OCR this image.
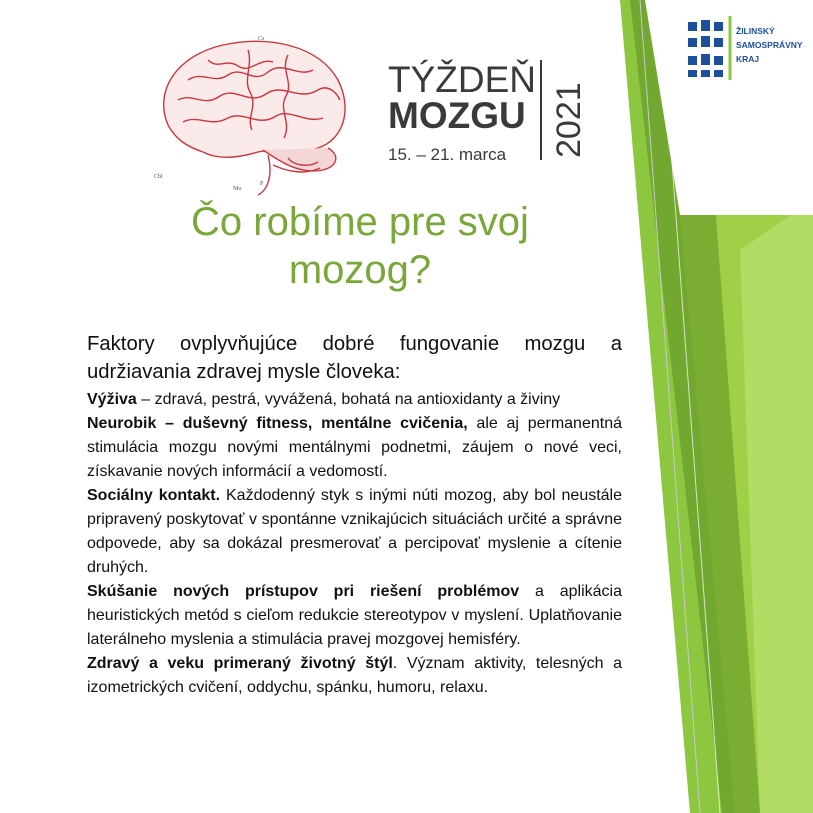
Cs
Cbl
Mo
P
TÝŽDEŇ
MOZGU
15. – 21. marca 2021
ŽILINSKÝ
SAMOSPRÁVNY
KRAJ
KYSUCKÁ KNIŽNICA
K⋲K
V ČADCI
Čo robíme pre svoj mozog?
Faktory ovplyvňujúce dobré fungovanie mozgu a udržiavania zdravej mysle človeka:

Výživa – zdravá, pestrá, vyvážená, bohatá na antioxidanty a živiny

Neurobik – duševný fitness, mentálne cvičenia, ale aj permanentná stimulácia mozgu novými mentálnymi podnetmi, záujem o nové veci, získavanie nových informácií a vedomostí.

Sociálny kontakt. Každodenný styk s inými núti mozog, aby bol neustále pripravený poskytovať v spontánne vznikajúcich situáciách určité a správne odpovede, aby sa dokázal presmerovať a percipovať myslenie a cítenie druhých.

Skúšanie nových prístupov pri riešení problémov a aplikácia heuristických metód s cieľom redukcie stereotypov v myslení. Uplatňovanie laterálneho myslenia a stimulácia pravej mozgovej hemisféry.

Zdravý a veku primeraný životný štýl. Význam aktivity, telesných a izometrických cvičení, oddychu, spánku, humoru, relaxu.
